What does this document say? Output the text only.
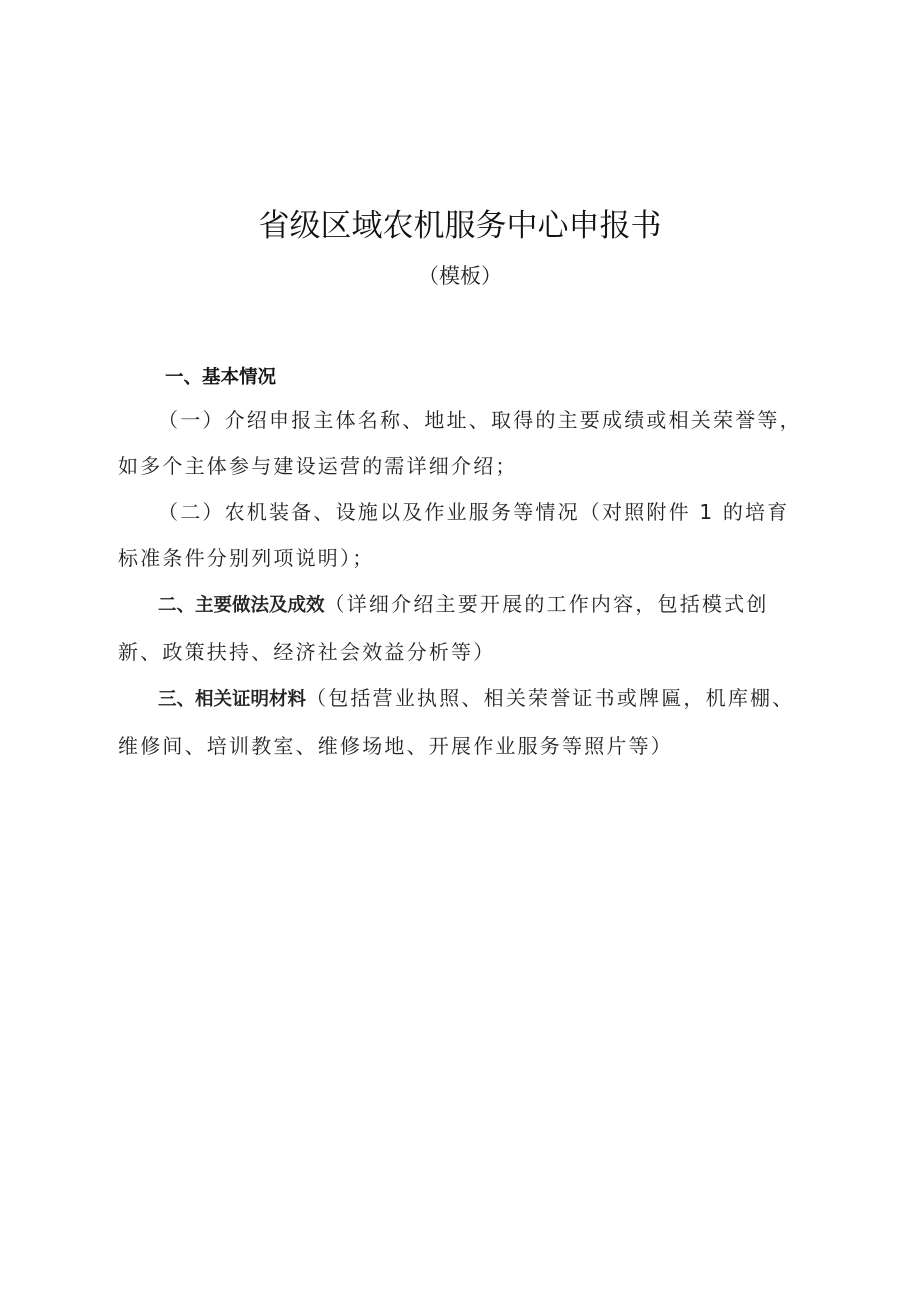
省级区域农机服务中心申报书
（模板）
一、基本情况

（一）介绍申报主体名称、地址、取得的主要成绩或相关荣誉等，如多个主体参与建设运营的需详细介绍；

（二）农机装备、设施以及作业服务等情况（对照附件 1 的培育标准条件分别列项说明）；

二、主要做法及成效（详细介绍主要开展的工作内容，包括模式创新、政策扶持、经济社会效益分析等）

三、相关证明材料（包括营业执照、相关荣誉证书或牌匾，机库棚、维修间、培训教室、维修场地、开展作业服务等照片等）
